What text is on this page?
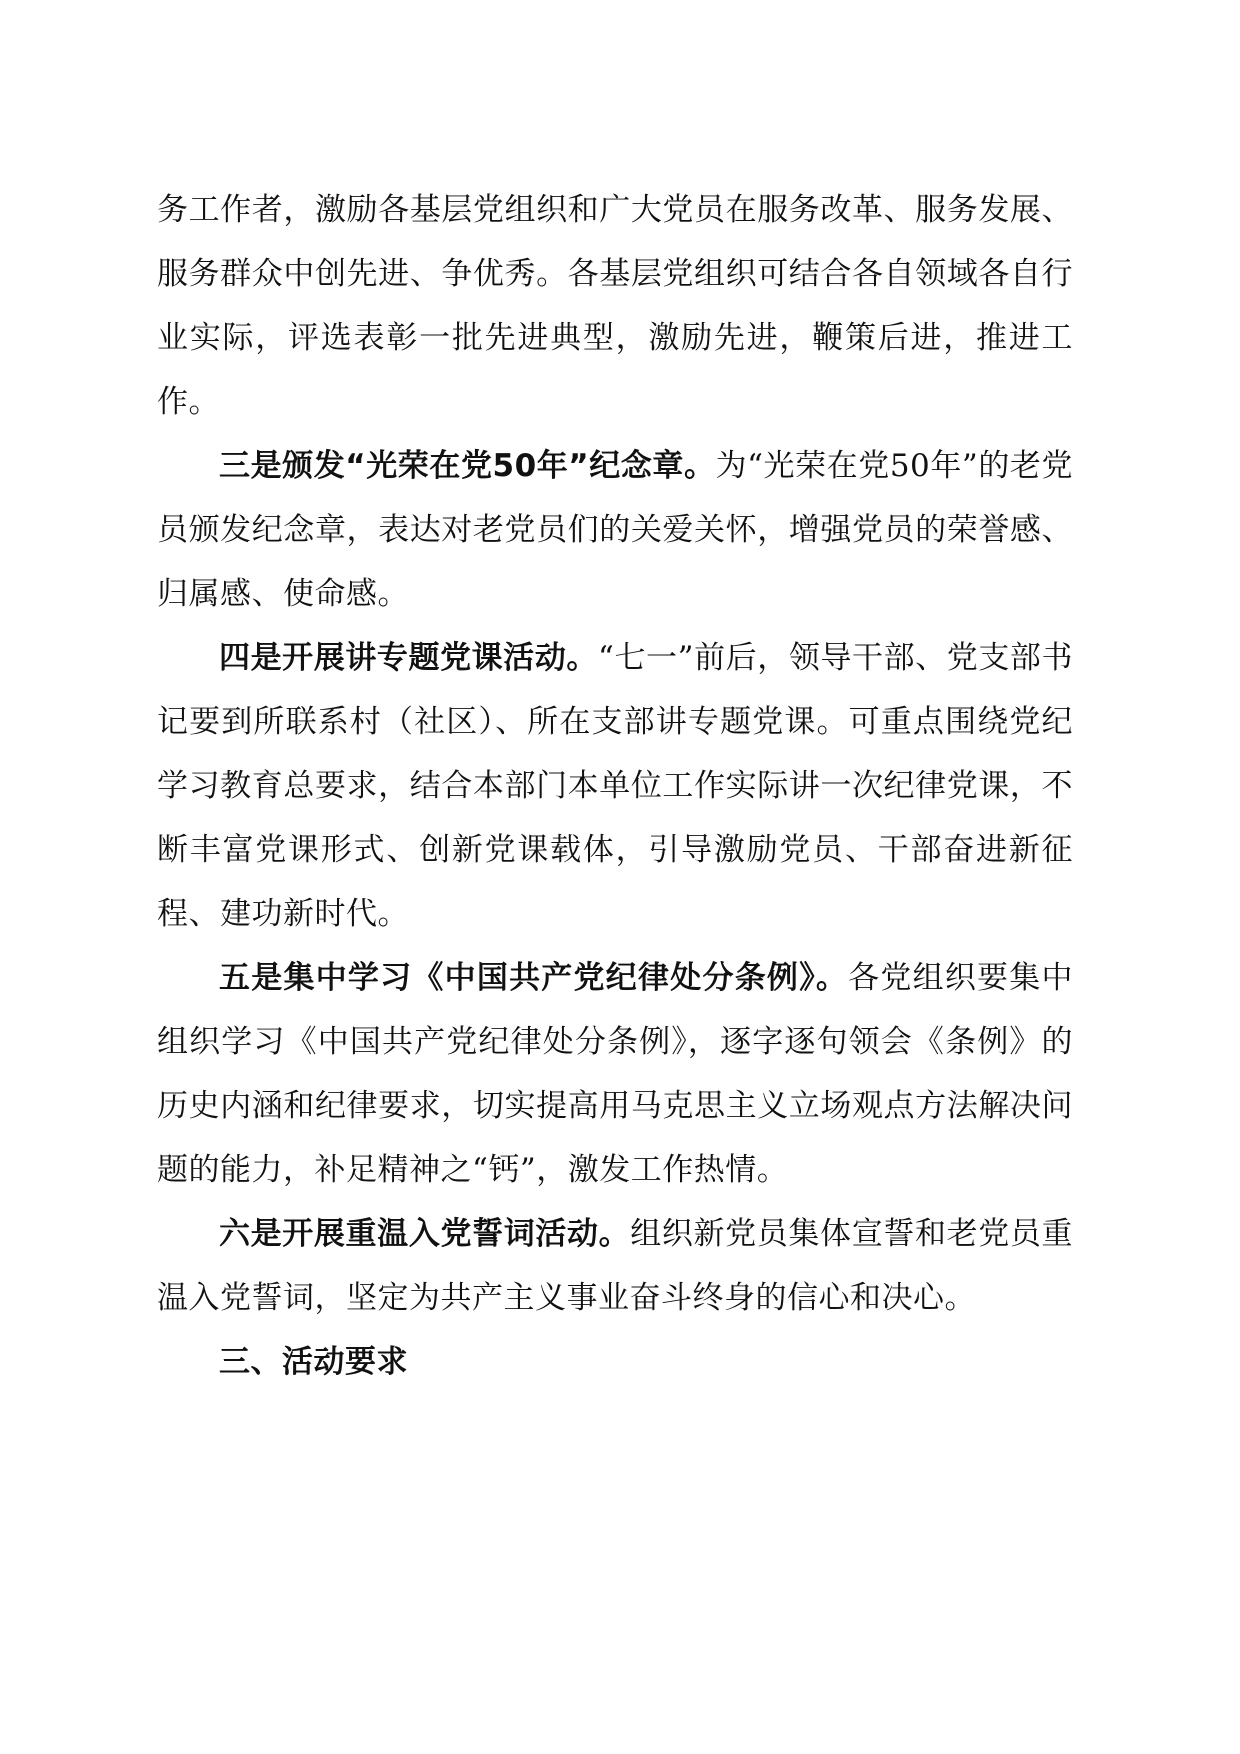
务工作者，激励各基层党组织和广大党员在服务改革、服务发展、服务群众中创先进、争优秀。各基层党组织可结合各自领域各自行业实际，评选表彰一批先进典型，激励先进，鞭策后进，推进工作。

三是颁发“光荣在党50年”纪念章。为“光荣在党50年”的老党员颁发纪念章，表达对老党员们的关爱关怀，增强党员的荣誉感、归属感、使命感。

四是开展讲专题党课活动。“七一”前后，领导干部、党支部书记要到所联系村（社区）、所在支部讲专题党课。可重点围绕党纪学习教育总要求，结合本部门本单位工作实际讲一次纪律党课，不断丰富党课形式、创新党课载体，引导激励党员、干部奋进新征程、建功新时代。

五是集中学习《中国共产党纪律处分条例》。各党组织要集中组织学习《中国共产党纪律处分条例》，逐字逐句领会《条例》的历史内涵和纪律要求，切实提高用马克思主义立场观点方法解决问题的能力，补足精神之“钙”，激发工作热情。

六是开展重温入党誓词活动。组织新党员集体宣誓和老党员重温入党誓词，坚定为共产主义事业奋斗终身的信心和决心。

三、活动要求
